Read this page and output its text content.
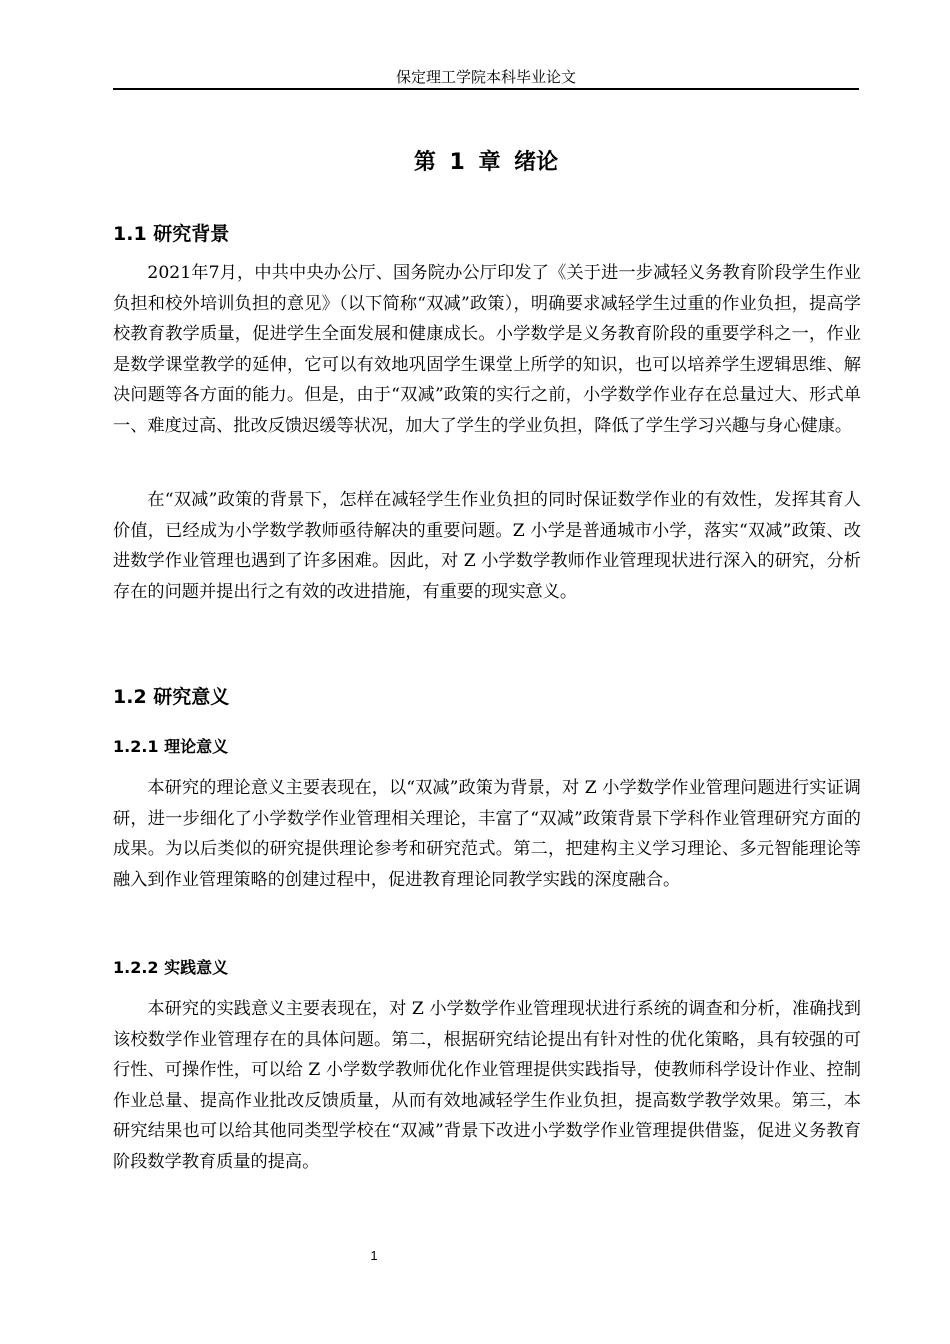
保定理工学院本科毕业论文
第 1 章 绪论
1.1 研究背景

2021年7月，中共中央办公厅、国务院办公厅印发了《关于进一步减轻义务教育阶段学生作业负担和校外培训负担的意见》（以下简称“双减”政策），明确要求减轻学生过重的作业负担，提高学校教育教学质量，促进学生全面发展和健康成长。小学数学是义务教育阶段的重要学科之一，作业是数学课堂教学的延伸，它可以有效地巩固学生课堂上所学的知识，也可以培养学生逻辑思维、解决问题等各方面的能力。但是，由于“双减”政策的实行之前，小学数学作业存在总量过大、形式单一、难度过高、批改反馈迟缓等状况，加大了学生的学业负担，降低了学生学习兴趣与身心健康。

在“双减”政策的背景下，怎样在减轻学生作业负担的同时保证数学作业的有效性，发挥其育人价值，已经成为小学数学教师亟待解决的重要问题。Z 小学是普通城市小学，落实“双减”政策、改进数学作业管理也遇到了许多困难。因此，对 Z 小学数学教师作业管理现状进行深入的研究，分析存在的问题并提出行之有效的改进措施，有重要的现实意义。

1.2 研究意义
1.2.1 理论意义

本研究的理论意义主要表现在，以“双减”政策为背景，对 Z 小学数学作业管理问题进行实证调研，进一步细化了小学数学作业管理相关理论，丰富了“双减”政策背景下学科作业管理研究方面的成果。为以后类似的研究提供理论参考和研究范式。第二，把建构主义学习理论、多元智能理论等融入到作业管理策略的创建过程中，促进教育理论同教学实践的深度融合。

1.2.2 实践意义

本研究的实践意义主要表现在，对 Z 小学数学作业管理现状进行系统的调查和分析，准确找到该校数学作业管理存在的具体问题。第二，根据研究结论提出有针对性的优化策略，具有较强的可行性、可操作性，可以给 Z 小学数学教师优化作业管理提供实践指导，使教师科学设计作业、控制作业总量、提高作业批改反馈质量，从而有效地减轻学生作业负担，提高数学教学效果。第三，本研究结果也可以给其他同类型学校在“双减”背景下改进小学数学作业管理提供借鉴，促进义务教育阶段数学教育质量的提高。

1
